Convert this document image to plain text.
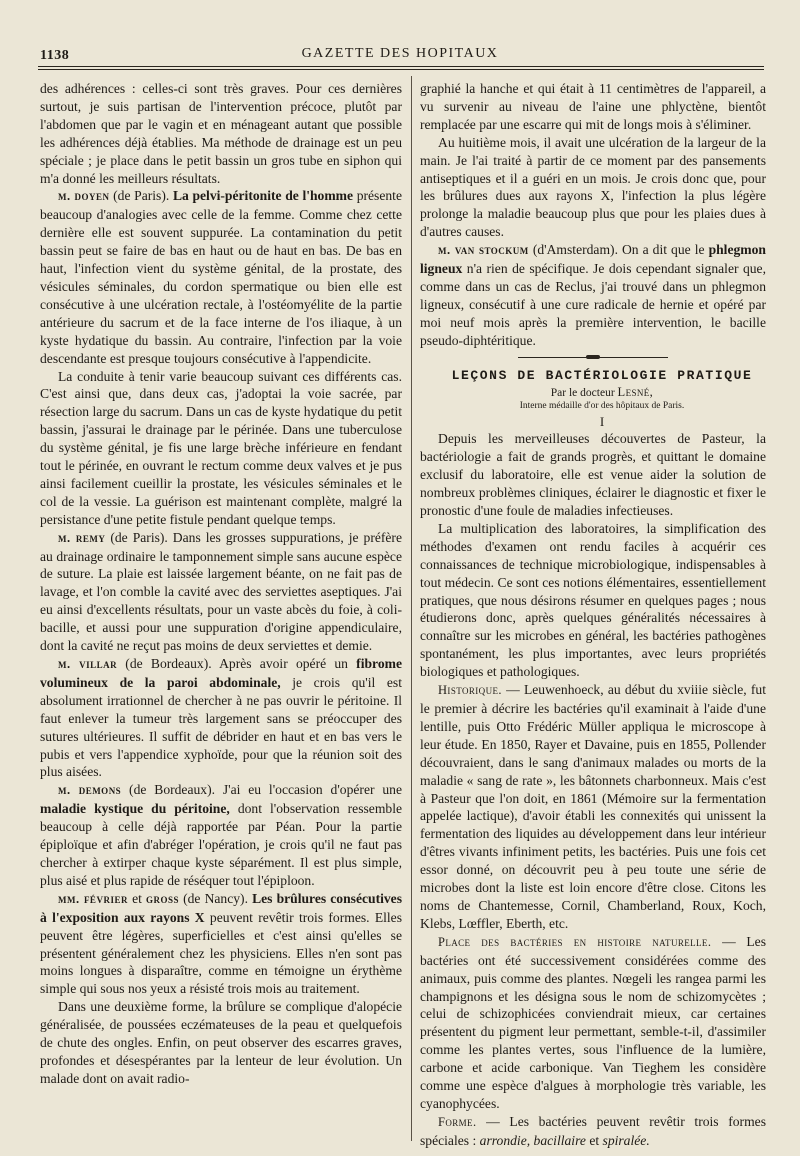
1138	GAZETTE DES HOPITAUX

des adhérences : celles-ci sont très graves. Pour ces dernières surtout, je suis partisan de l'intervention précoce, plutôt par l'abdomen que par le vagin et en ménageant autant que possible les adhérences déjà établies. Ma méthode de drainage est un peu spéciale ; je place dans le petit bassin un gros tube en siphon qui m'a donné les meilleurs résultats.

m. doyen (de Paris). La pelvi-péritonite de l'homme présente beaucoup d'analogies avec celle de la femme. Comme chez cette dernière elle est souvent suppurée. La contamination du petit bassin peut se faire de bas en haut ou de haut en bas. De bas en haut, l'infection vient du système génital, de la prostate, des vésicules séminales, du cordon spermatique ou bien elle est consécutive à une ulcération rectale, à l'ostéomyélite de la partie antérieure du sacrum et de la face interne de l'os iliaque, à un kyste hydatique du bassin. Au contraire, l'infection par la voie descendante est presque toujours consécutive à l'appendicite.

La conduite à tenir varie beaucoup suivant ces différents cas. C'est ainsi que, dans deux cas, j'adoptai la voie sacrée, par résection large du sacrum. Dans un cas de kyste hydatique du petit bassin, j'assurai le drainage par le périnée. Dans une tuberculose du système génital, je fis une large brèche inférieure en fendant tout le périnée, en ouvrant le rectum comme deux valves et je pus ainsi facilement cueillir la prostate, les vésicules séminales et le col de la vessie. La guérison est maintenant complète, malgré la persistance d'une petite fistule pendant quelque temps.

m. remy (de Paris). Dans les grosses suppurations, je préfère au drainage ordinaire le tamponnement simple sans aucune espèce de suture. La plaie est laissée largement béante, on ne fait pas de lavage, et l'on comble la cavité avec des serviettes aseptiques. J'ai eu ainsi d'excellents résultats, pour un vaste abcès du foie, à coli-bacille, et aussi pour une suppuration d'origine appendiculaire, dont la cavité ne reçut pas moins de deux serviettes et demie.

m. villar (de Bordeaux). Après avoir opéré un fibrome volumineux de la paroi abdominale, je crois qu'il est absolument irrationnel de chercher à ne pas ouvrir le péritoine. Il faut enlever la tumeur très largement sans se préoccuper des sutures ultérieures. Il suffit de débrider en haut et en bas vers le pubis et vers l'appendice xyphoïde, pour que la réunion soit des plus aisées.

m. demons (de Bordeaux). J'ai eu l'occasion d'opérer une maladie kystique du péritoine, dont l'observation ressemble beaucoup à celle déjà rapportée par Péan. Pour la partie épiploïque et afin d'abréger l'opération, je crois qu'il ne faut pas chercher à extirper chaque kyste séparément. Il est plus simple, plus aisé et plus rapide de réséquer tout l'épiploon.

mm. février et gross (de Nancy). Les brûlures consécutives à l'exposition aux rayons X peuvent revêtir trois formes. Elles peuvent être légères, superficielles et c'est ainsi qu'elles se présentent généralement chez les physiciens. Elles n'en sont pas moins longues à disparaître, comme en témoigne un érythème simple qui sous nos yeux a résisté trois mois au traitement.

Dans une deuxième forme, la brûlure se complique d'alopécie généralisée, de poussées eczémateuses de la peau et quelquefois de chute des ongles. Enfin, on peut observer des escarres graves, profondes et désespérantes par la lenteur de leur évolution. Un malade dont on avait radio-

graphié la hanche et qui était à 11 centimètres de l'appareil, a vu survenir au niveau de l'aine une phlyctène, bientôt remplacée par une escarre qui mit de longs mois à s'éliminer.

Au huitième mois, il avait une ulcération de la largeur de la main. Je l'ai traité à partir de ce moment par des pansements antiseptiques et il a guéri en un mois. Je crois donc que, pour les brûlures dues aux rayons X, l'infection la plus légère prolonge la maladie beaucoup plus que pour les plaies dues à d'autres causes.

m. van stockum (d'Amsterdam). On a dit que le phlegmon ligneux n'a rien de spécifique. Je dois cependant signaler que, comme dans un cas de Reclus, j'ai trouvé dans un phlegmon ligneux, consécutif à une cure radicale de hernie et opéré par moi neuf mois après la première intervention, le bacille pseudo-diphtéritique.

LEÇONS DE BACTÉRIOLOGIE PRATIQUE

Par le docteur Lesné,

Interne médaille d'or des hôpitaux de Paris.

I

Depuis les merveilleuses découvertes de Pasteur, la bactériologie a fait de grands progrès, et quittant le domaine exclusif du laboratoire, elle est venue aider la solution de nombreux problèmes cliniques, éclairer le diagnostic et fixer le pronostic d'une foule de maladies infectieuses.

La multiplication des laboratoires, la simplification des méthodes d'examen ont rendu faciles à acquérir ces connaissances de technique microbiologique, indispensables à tout médecin. Ce sont ces notions élémentaires, essentiellement pratiques, que nous désirons résumer en quelques pages ; nous étudierons donc, après quelques généralités nécessaires à connaître sur les microbes en général, les bactéries pathogènes spontanément, les plus importantes, avec leurs propriétés biologiques et pathologiques.

Historique. — Leuwenhoeck, au début du xviiie siècle, fut le premier à décrire les bactéries qu'il examinait à l'aide d'une lentille, puis Otto Frédéric Müller appliqua le microscope à leur étude. En 1850, Rayer et Davaine, puis en 1855, Pollender découvraient, dans le sang d'animaux malades ou morts de la maladie « sang de rate », les bâtonnets charbonneux. Mais c'est à Pasteur que l'on doit, en 1861 (Mémoire sur la fermentation appelée lactique), d'avoir établi les connexités qui unissent la fermentation des liquides au développement dans leur intérieur d'êtres vivants infiniment petits, les bactéries. Puis une fois cet essor donné, on découvrit peu à peu toute une série de microbes dont la liste est loin encore d'être close. Citons les noms de Chantemesse, Cornil, Chamberland, Roux, Koch, Klebs, Lœffler, Eberth, etc.

Place des bactéries en histoire naturelle. — Les bactéries ont été successivement considérées comme des animaux, puis comme des plantes. Nœgeli les rangea parmi les champignons et les désigna sous le nom de schizomycètes ; celui de schizophicées conviendrait mieux, car certaines présentent du pigment leur permettant, semble-t-il, d'assimiler comme les plantes vertes, sous l'influence de la lumière, carbone et acide carbonique. Van Tieghem les considère comme une espèce d'algues à morphologie très variable, les cyanophycées.

Forme. — Les bactéries peuvent revêtir trois formes spéciales : arrondie, bacillaire et spiralée.
